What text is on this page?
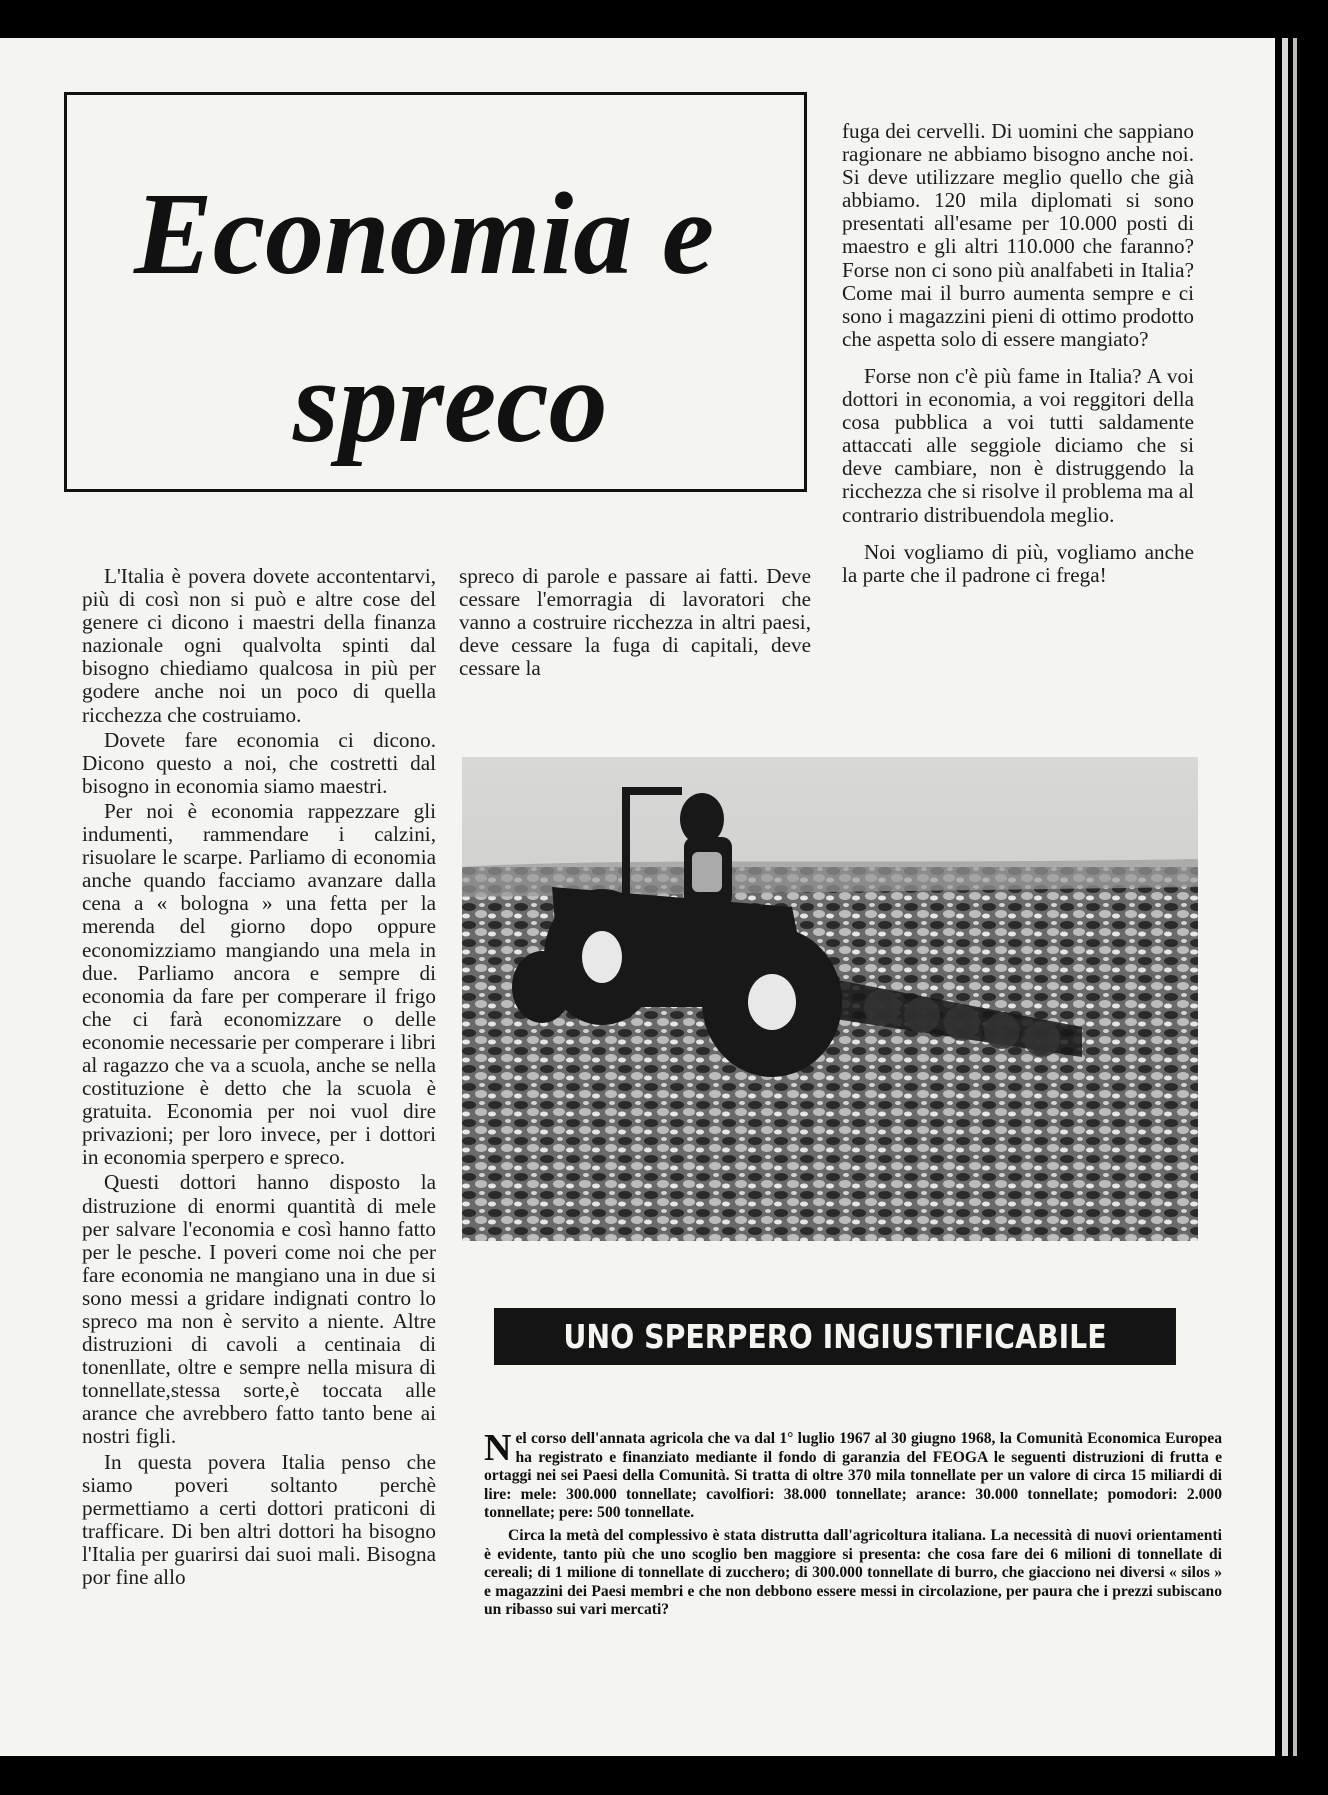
Economia e
spreco

L'Italia è povera dovete accontentarvi, più di così non si può e altre cose del genere ci dicono i maestri della finanza nazionale ogni qualvolta spinti dal bisogno chiediamo qualcosa in più per godere anche noi un poco di quella ricchezza che costruiamo.

Dovete fare economia ci dicono. Dicono questo a noi, che costretti dal bisogno in economia siamo maestri.

Per noi è economia rappezzare gli indumenti, rammendare i calzini, risuolare le scarpe. Parliamo di economia anche quando facciamo avanzare dalla cena a « bologna » una fetta per la merenda del giorno dopo oppure economizziamo mangiando una mela in due. Parliamo ancora e sempre di economia da fare per comperare il frigo che ci farà economizzare o delle economie necessarie per comperare i libri al ragazzo che va a scuola, anche se nella costituzione è detto che la scuola è gratuita. Economia per noi vuol dire privazioni; per loro invece, per i dottori in economia sperpero e spreco.

Questi dottori hanno disposto la distruzione di enormi quantità di mele per salvare l'economia e così hanno fatto per le pesche. I poveri come noi che per fare economia ne mangiano una in due si sono messi a gridare indignati contro lo spreco ma non è servito a niente. Altre distruzioni di cavoli a centinaia di tonenllate, oltre e sempre nella misura di tonnellate,stessa sorte,è toccata alle arance che avrebbero fatto tanto bene ai nostri figli.

In questa povera Italia penso che siamo poveri soltanto perchè permettiamo a certi dottori praticoni di trafficare. Di ben altri dottori ha bisogno l'Italia per guarirsi dai suoi mali. Bisogna por fine allo

spreco di parole e passare ai fatti. Deve cessare l'emorragia di lavoratori che vanno a costruire ricchezza in altri paesi, deve cessare la fuga di capitali, deve cessare la

fuga dei cervelli. Di uomini che sappiano ragionare ne abbiamo bisogno anche noi. Si deve utilizzare meglio quello che già abbiamo. 120 mila diplomati si sono presentati all'esame per 10.000 posti di maestro e gli altri 110.000 che faranno? Forse non ci sono più analfabeti in Italia? Come mai il burro aumenta sempre e ci sono i magazzini pieni di ottimo prodotto che aspetta solo di essere mangiato?

Forse non c'è più fame in Italia? A voi dottori in economia, a voi reggitori della cosa pubblica a voi tutti saldamente attaccati alle seggiole diciamo che si deve cambiare, non è distruggendo la ricchezza che si risolve il problema ma al contrario distribuendola meglio.

Noi vogliamo di più, vogliamo anche la parte che il padrone ci frega!

UNO SPERPERO INGIUSTIFICABILE

Nel corso dell'annata agricola che va dal 1° luglio 1967 al 30 giugno 1968, la Comunità Economica Europea ha registrato e finanziato mediante il fondo di garanzia del FEOGA le seguenti distruzioni di frutta e ortaggi nei sei Paesi della Comunità. Si tratta di oltre 370 mila tonnellate per un valore di circa 15 miliardi di lire: mele: 300.000 tonnellate; cavolfiori: 38.000 tonnellate; arance: 30.000 tonnellate; pomodori: 2.000 tonnellate; pere: 500 tonnellate.

Circa la metà del complessivo è stata distrutta dall'agricoltura italiana. La necessità di nuovi orientamenti è evidente, tanto più che uno scoglio ben maggiore si presenta: che cosa fare dei 6 milioni di tonnellate di cereali; di 1 milione di tonnellate di zucchero; di 300.000 tonnellate di burro, che giacciono nei diversi « silos » e magazzini dei Paesi membri e che non debbono essere messi in circolazione, per paura che i prezzi subiscano un ribasso sui vari mercati?
